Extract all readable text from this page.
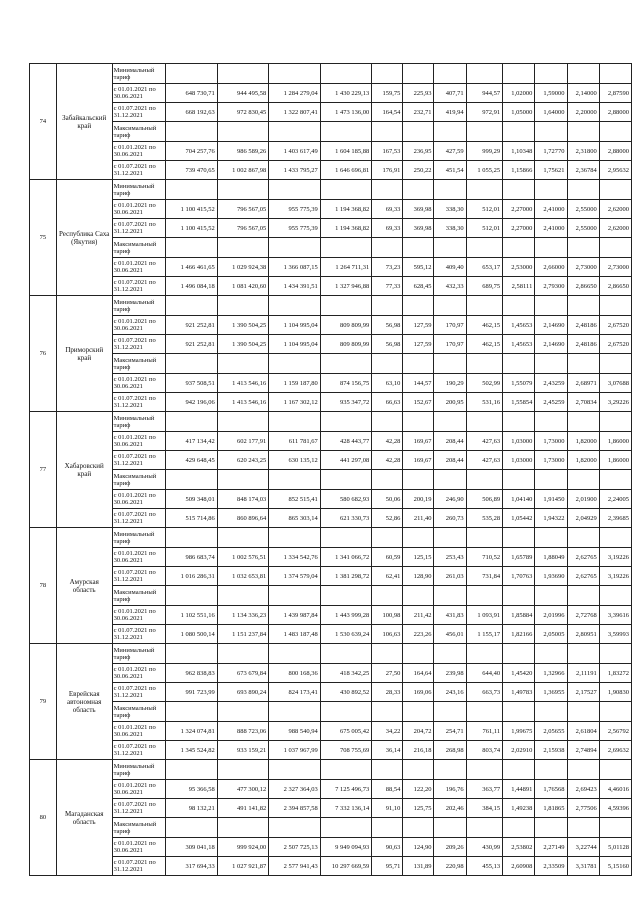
74	Забайкальский край	Минимальный тариф												
		с 01.01.2021 по 30.06.2021	648 730,71	944 495,58	1 284 279,04	1 430 229,13	159,75	225,93	407,71	944,57	1,02000	1,59000	2,14000	2,87590
		с 01.07.2021 по 31.12.2021	668 192,63	972 830,45	1 322 807,41	1 473 136,00	164,54	232,71	419,94	972,91	1,05000	1,64000	2,20000	2,88000
		Максимальный тариф												
		с 01.01.2021 по 30.06.2021	704 257,76	986 589,26	1 403 617,49	1 604 185,88	167,53	236,95	427,59	999,29	1,10348	1,72770	2,31800	2,88000
		с 01.07.2021 по 31.12.2021	739 470,65	1 002 867,98	1 433 795,27	1 646 696,81	176,91	250,22	451,54	1 055,25	1,15866	1,75621	2,36784	2,95632
75	Республика Саха (Якутия)	Минимальный тариф												
		с 01.01.2021 по 30.06.2021	1 100 415,52	796 567,05	955 775,39	1 194 368,82	69,33	369,98	338,30	512,01	2,27000	2,41000	2,55000	2,62000
		с 01.07.2021 по 31.12.2021	1 100 415,52	796 567,05	955 775,39	1 194 368,82	69,33	369,98	338,30	512,01	2,27000	2,41000	2,55000	2,62000
		Максимальный тариф												
		с 01.01.2021 по 30.06.2021	1 466 461,65	1 029 924,38	1 366 087,15	1 264 711,31	73,23	595,12	409,40	653,17	2,53000	2,66000	2,73000	2,73000
		с 01.07.2021 по 31.12.2021	1 496 084,18	1 081 420,60	1 434 391,51	1 327 946,88	77,33	628,45	432,33	689,75	2,58111	2,79300	2,86650	2,86650
76	Приморский край	Минимальный тариф												
		с 01.01.2021 по 30.06.2021	921 252,81	1 390 504,25	1 104 995,04	809 809,99	56,98	127,59	170,97	462,15	1,45653	2,14690	2,48186	2,67520
		с 01.07.2021 по 31.12.2021	921 252,81	1 390 504,25	1 104 995,04	809 809,99	56,98	127,59	170,97	462,15	1,45653	2,14690	2,48186	2,67520
		Максимальный тариф												
		с 01.01.2021 по 30.06.2021	937 508,51	1 413 546,16	1 159 187,80	874 156,75	63,10	144,57	190,29	502,99	1,55079	2,43259	2,68971	3,07688
		с 01.07.2021 по 31.12.2021	942 196,06	1 413 546,16	1 167 302,12	935 347,72	66,63	152,67	200,95	531,16	1,55854	2,45259	2,70834	3,29226
77	Хабаровский край	Минимальный тариф												
		с 01.01.2021 по 30.06.2021	417 134,42	602 177,91	611 781,67	428 443,77	42,28	169,67	208,44	427,63	1,03000	1,73000	1,82000	1,86000
		с 01.07.2021 по 31.12.2021	429 648,45	620 243,25	630 135,12	441 297,08	42,28	169,67	208,44	427,63	1,03000	1,73000	1,82000	1,86000
		Максимальный тариф												
		с 01.01.2021 по 30.06.2021	509 348,01	848 174,03	852 515,41	580 682,93	50,06	200,19	246,90	506,89	1,04140	1,91450	2,01900	2,24005
		с 01.07.2021 по 31.12.2021	515 714,86	860 896,64	865 303,14	621 330,73	52,86	211,40	260,73	535,28	1,05442	1,94322	2,04929	2,39685
78	Амурская область	Минимальный тариф												
		с 01.01.2021 по 30.06.2021	986 683,74	1 002 576,51	1 334 542,76	1 341 066,72	60,59	125,15	253,43	710,52	1,65789	1,88049	2,62765	3,19226
		с 01.07.2021 по 31.12.2021	1 016 286,31	1 032 653,81	1 374 579,04	1 381 298,72	62,41	128,90	261,03	731,84	1,70763	1,93690	2,62765	3,19226
		Максимальный тариф												
		с 01.01.2021 по 30.06.2021	1 102 551,16	1 134 336,23	1 439 987,84	1 443 999,28	100,98	211,42	431,83	1 093,91	1,85884	2,01996	2,72768	3,39616
		с 01.07.2021 по 31.12.2021	1 080 500,14	1 151 237,84	1 483 187,48	1 530 639,24	106,63	223,26	456,01	1 155,17	1,82166	2,05005	2,80951	3,59993
79	Еврейская автономная область	Минимальный тариф												
		с 01.01.2021 по 30.06.2021	962 838,83	673 679,84	800 168,36	418 342,25	27,50	164,64	239,98	644,40	1,45420	1,32966	2,11191	1,83272
		с 01.07.2021 по 31.12.2021	991 723,99	693 890,24	824 173,41	430 892,52	28,33	169,06	243,16	663,73	1,49783	1,36955	2,17527	1,90830
		Максимальный тариф												
		с 01.01.2021 по 30.06.2021	1 324 074,81	888 723,06	988 540,94	675 005,42	34,22	204,72	254,71	761,11	1,99675	2,05655	2,61804	2,56792
		с 01.07.2021 по 31.12.2021	1 345 524,82	933 159,21	1 037 967,99	708 755,69	36,14	216,18	268,98	803,74	2,02910	2,15938	2,74894	2,69632
80	Магаданская область	Минимальный тариф												
		с 01.01.2021 по 30.06.2021	95 366,58	477 300,12	2 327 364,03	7 125 496,73	88,54	122,20	196,76	363,77	1,44891	1,76568	2,69423	4,46016
		с 01.07.2021 по 31.12.2021	98 132,21	491 141,82	2 394 857,58	7 332 136,14	91,10	125,75	202,46	384,15	1,49238	1,81865	2,77506	4,59396
		Максимальный тариф												
		с 01.01.2021 по 30.06.2021	309 041,18	999 924,00	2 507 725,13	9 949 094,93	90,63	124,90	209,26	430,99	2,53802	2,27149	3,22744	5,01128
		с 01.07.2021 по 31.12.2021	317 694,33	1 027 921,87	2 577 941,43	10 297 669,59	95,71	131,89	220,98	455,13	2,60908	2,33509	3,31781	5,15160
